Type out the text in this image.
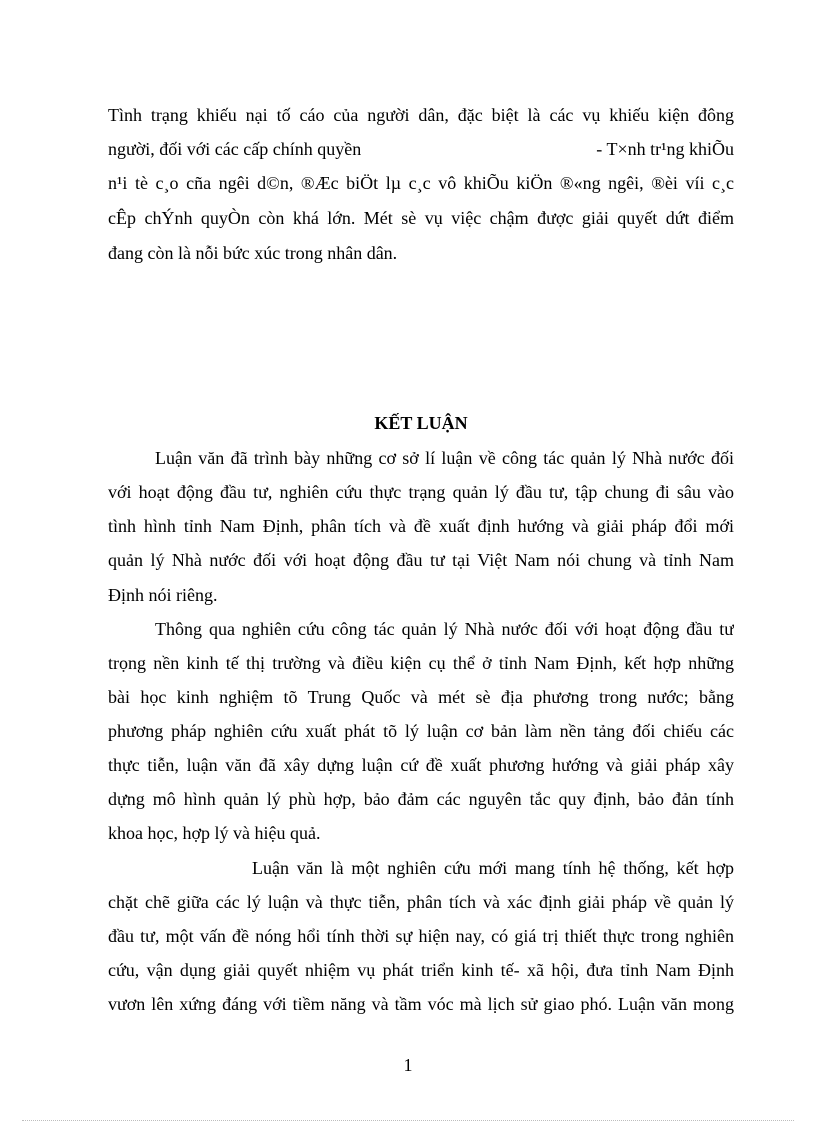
Tình trạng khiếu nại tố cáo của người dân, đặc biệt là các vụ khiếu kiện đông
người, đối với các cấp chính quyền	- T×nh tr¹ng khiÕu
n¹i tè c¸o cña ngêi d©n, ®Æc biÖt lµ c¸c vô khiÕu kiÖn ®«ng ngêi, ®èi víi c¸c
cÊp chÝnh quyÒn còn khá lớn. Mét sè vụ việc chậm được giải quyết dứt điểm
đang còn là nỗi bức xúc trong nhân dân.
KẾT LUẬN
Luận văn đã trình bày những cơ sở lí luận về công tác quản lý Nhà nước đối
với hoạt động đầu tư, nghiên cứu thực trạng quản lý đầu tư, tập chung đi sâu vào
tình hình tỉnh Nam Định, phân tích và đề xuất định hướng và giải pháp đổi mới
quản lý Nhà nước đối với hoạt động đầu tư tại Việt Nam nói chung và tỉnh Nam
Định nói riêng.
Thông qua nghiên cứu công tác quản lý Nhà nước đối với hoạt động đầu tư
trọng nền kinh tế thị trường và điều kiện cụ thể ở tỉnh Nam Định, kết hợp những
bài học kinh nghiệm tõ Trung Quốc và mét sè địa phương trong nước; bằng
phương pháp nghiên cứu xuất phát tõ lý luận cơ bản làm nền tảng đối chiếu các
thực tiễn, luận văn đã xây dựng luận cứ đề xuất phương hướng và giải pháp xây
dựng mô hình quản lý phù hợp, bảo đảm các nguyên tắc quy định, bảo đản tính
khoa học, hợp lý và hiệu quả.
Luận văn là một nghiên cứu mới mang tính hệ thống, kết hợp
chặt chẽ giữa các lý luận và thực tiễn, phân tích và xác định giải pháp về quản lý
đầu tư, một vấn đề nóng hổi tính thời sự hiện nay, có giá trị thiết thực trong nghiên
cứu, vận dụng giải quyết nhiệm vụ phát triển kinh tế- xã hội, đưa tỉnh Nam Định
vươn lên xứng đáng với tiềm năng và tầm vóc mà lịch sử giao phó. Luận văn mong
1
